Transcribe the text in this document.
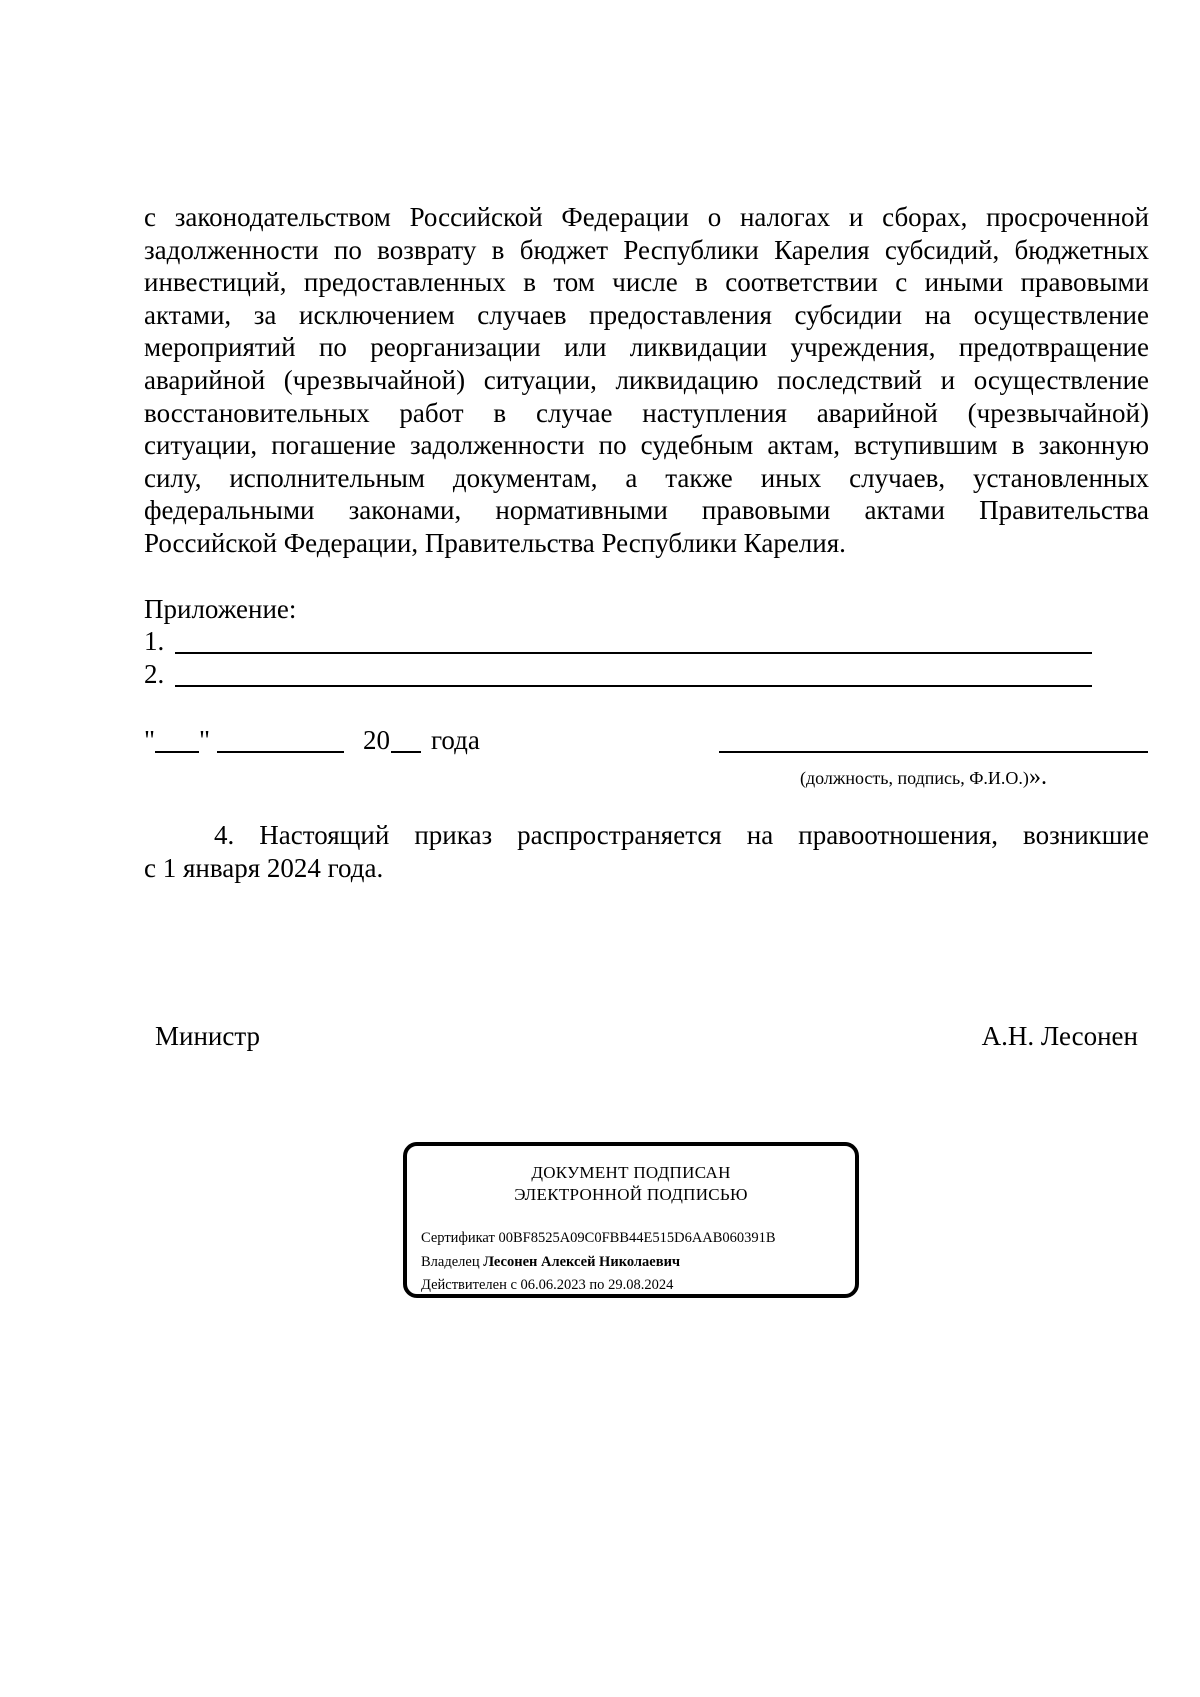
с законодательством Российской Федерации о налогах и сборах, просроченной
задолженности по возврату в бюджет Республики Карелия субсидий, бюджетных
инвестиций, предоставленных в том числе в соответствии с иными правовыми
актами, за исключением случаев предоставления субсидии на осуществление
мероприятий по реорганизации или ликвидации учреждения, предотвращение
аварийной (чрезвычайной) ситуации, ликвидацию последствий и осуществление
восстановительных работ в случае наступления аварийной (чрезвычайной)
ситуации, погашение задолженности по судебным актам, вступившим в законную
силу, исполнительным документам, а также иных случаев, установленных
федеральными законами, нормативными правовыми актами Правительства
Российской Федерации, Правительства Республики Карелия.
Приложение:
1.
2.
" "	20 года
(должность, подпись, Ф.И.О.)».
4. Настоящий приказ распространяется на правоотношения, возникшие
с 1 января 2024 года.
Министр	А.Н. Лесонен
ДОКУМЕНТ ПОДПИСАН
ЭЛЕКТРОННОЙ ПОДПИСЬЮ
Сертификат 00BF8525A09C0FBB44E515D6AAB060391B
Владелец Лесонен Алексей Николаевич
Действителен с 06.06.2023 по 29.08.2024
